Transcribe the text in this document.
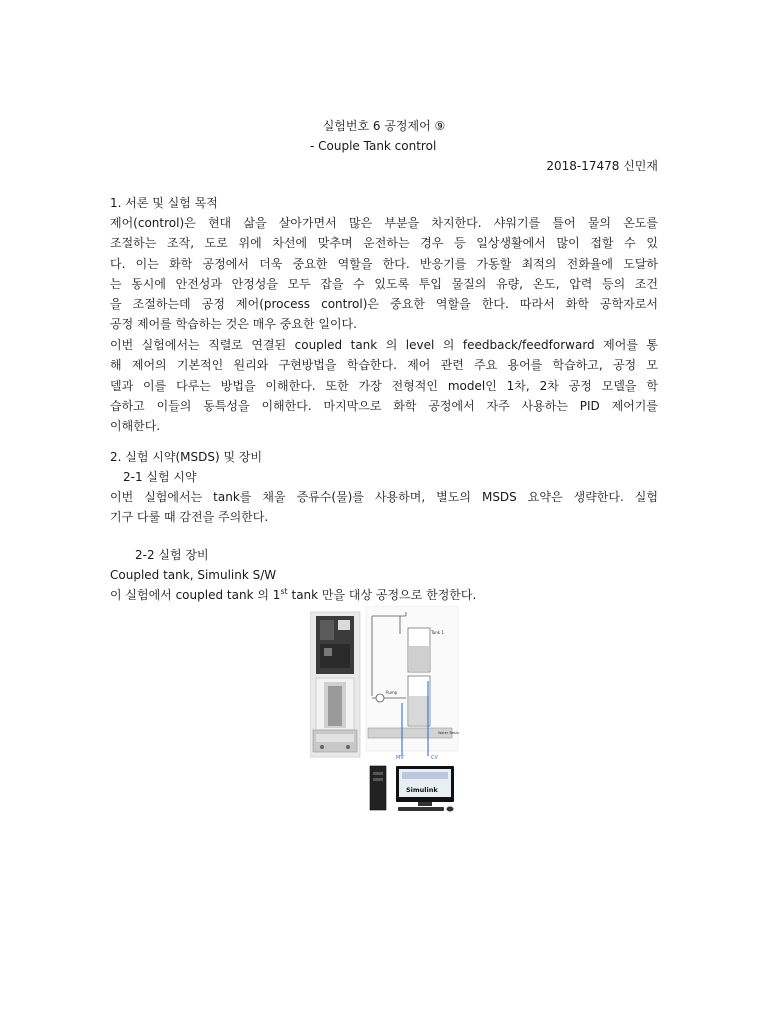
실험번호 6 공정제어 ⑨

- Couple Tank control

2018-17478 신민재

1. 서론 및 실험 목적

제어(control)은 현대 삶을 살아가면서 많은 부분을 차지한다. 샤워기를 틀어 물의 온도를
조절하는 조작, 도로 위에 차선에 맞추며 운전하는 경우 등 일상생활에서 많이 접할 수 있
다. 이는 화학 공정에서 더욱 중요한 역할을 한다. 반응기를 가동할 최적의 전화율에 도달하
는 동시에 안전성과 안정성을 모두 잡을 수 있도록 투입 물질의 유량, 온도, 압력 등의 조건
을 조절하는데 공정 제어(process control)은 중요한 역할을 한다. 따라서 화학 공학자로서
공정 제어를 학습하는 것은 매우 중요한 일이다.
이번 실험에서는 직렬로 연결된 coupled tank 의 level 의 feedback/feedforward 제어를 통
해 제어의 기본적인 원리와 구현방법을 학습한다. 제어 관련 주요 용어를 학습하고, 공정 모
델과 이를 다루는 방법을 이해한다. 또한 가장 전형적인 model인 1차, 2차 공정 모델을 학
습하고 이들의 동특성을 이해한다. 마지막으로 화학 공정에서 자주 사용하는 PID 제어기를
이해한다.

2. 실험 시약(MSDS) 및 장비

2-1 실험 시약

이번 실험에서는 tank를 채울 증류수(물)를 사용하며, 별도의 MSDS 요약은 생략한다. 실험
기구 다룰 때 감전을 주의한다.

2-2 실험 장비

Coupled tank, Simulink S/W

이 실험에서 coupled tank 의 1st tank 만을 대상 공정으로 한정한다.

Tank 1
Pump
Water Basin
MV	CV
Simulink
